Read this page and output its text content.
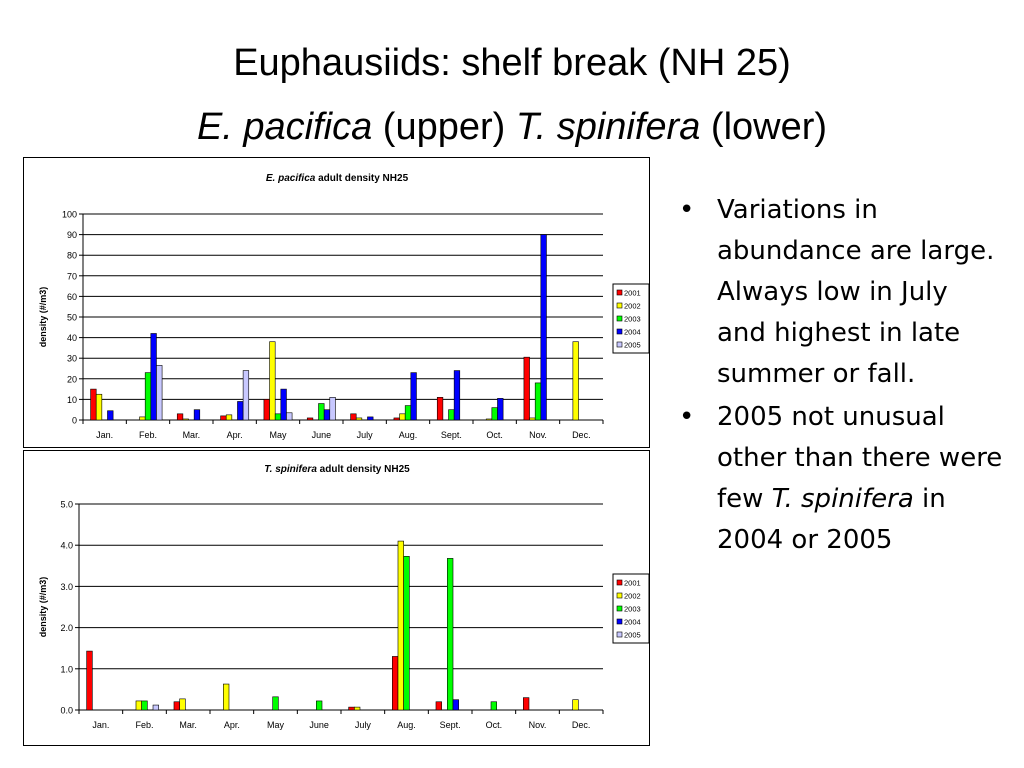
Euphausiids: shelf break (NH 25)
E. pacifica (upper) T. spinifera (lower)
E. pacifica adult density NH25
0
10
20
30
40
50
60
70
80
90
100
density (#/m3)
Jan.	Feb.	Mar.	Apr.	May	June	July	Aug.	Sept.	Oct.	Nov.	Dec.
2001
2002
2003
2004
2005
T. spinifera adult density NH25
0.0
1.0
2.0
3.0
4.0
5.0
density (#/m3)
Jan.	Feb.	Mar.	Apr.	May	June	July	Aug.	Sept.	Oct.	Nov.	Dec.
2001
2002
2003
2004
2005
• Variations in abundance are large. Always low in July and highest in late summer or fall.
• 2005 not unusual other than there were few T. spinifera in 2004 or 2005
